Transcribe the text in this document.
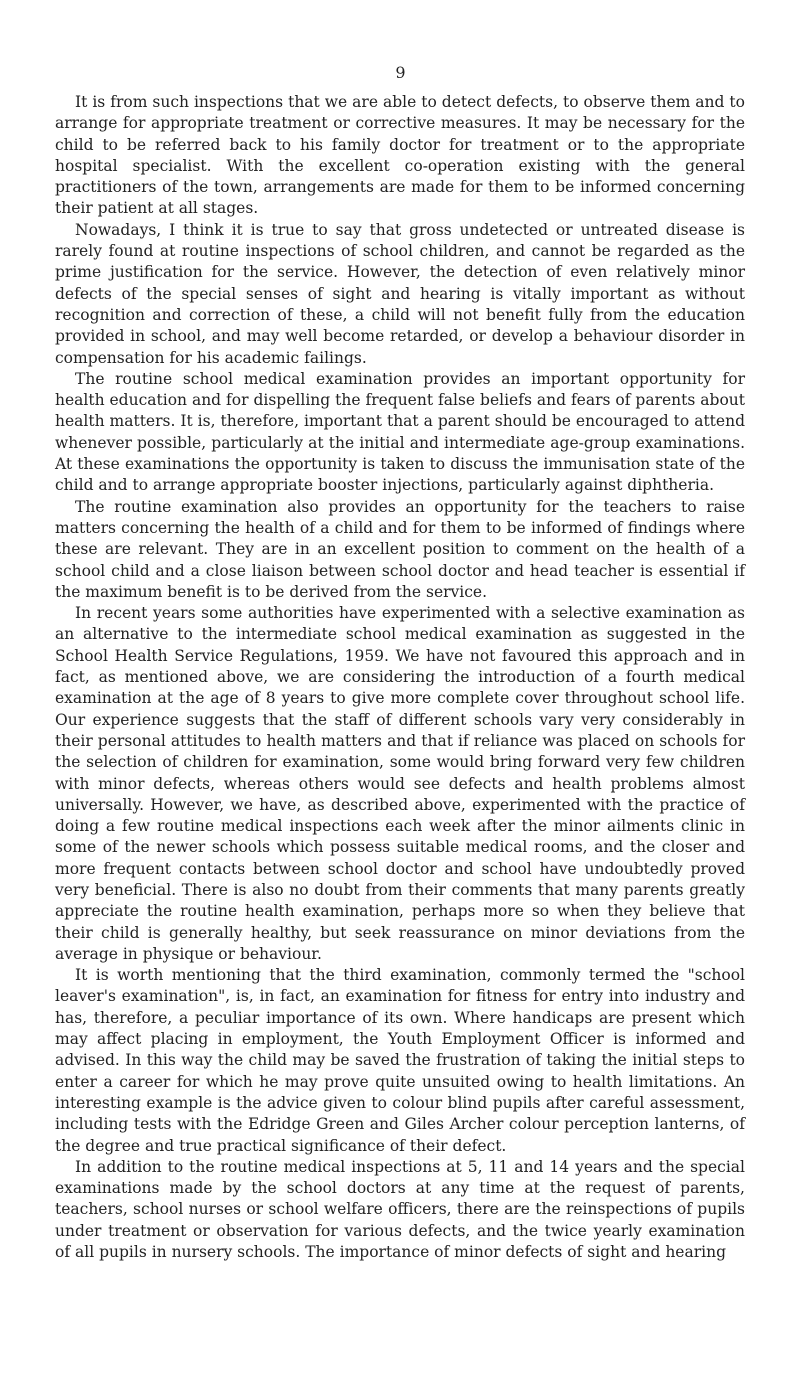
9

It is from such inspections that we are able to detect defects, to observe them and to arrange for appropriate treatment or corrective measures. It may be necessary for the child to be referred back to his family doctor for treatment or to the appropriate hospital specialist. With the excellent co-operation existing with the general practitioners of the town, arrangements are made for them to be informed concerning their patient at all stages.

Nowadays, I think it is true to say that gross undetected or untreated disease is rarely found at routine inspections of school children, and cannot be regarded as the prime justification for the service. However, the detection of even relatively minor defects of the special senses of sight and hearing is vitally important as without recognition and correction of these, a child will not benefit fully from the education provided in school, and may well become retarded, or develop a behaviour disorder in compensation for his academic failings.

The routine school medical examination provides an important opportunity for health education and for dispelling the frequent false beliefs and fears of parents about health matters. It is, therefore, important that a parent should be encouraged to attend whenever possible, particularly at the initial and intermediate age-group examinations. At these examinations the opportunity is taken to discuss the immunisation state of the child and to arrange appropriate booster injections, particularly against diphtheria.

The routine examination also provides an opportunity for the teachers to raise matters concerning the health of a child and for them to be informed of findings where these are relevant. They are in an excellent position to comment on the health of a school child and a close liaison between school doctor and head teacher is essential if the maximum benefit is to be derived from the service.

In recent years some authorities have experimented with a selective examination as an alternative to the intermediate school medical examination as suggested in the School Health Service Regulations, 1959. We have not favoured this approach and in fact, as mentioned above, we are considering the introduction of a fourth medical examination at the age of 8 years to give more complete cover throughout school life. Our experience suggests that the staff of different schools vary very considerably in their personal attitudes to health matters and that if reliance was placed on schools for the selection of children for examination, some would bring forward very few children with minor defects, whereas others would see defects and health problems almost universally. However, we have, as described above, experimented with the practice of doing a few routine medical inspections each week after the minor ailments clinic in some of the newer schools which possess suitable medical rooms, and the closer and more frequent contacts between school doctor and school have undoubtedly proved very beneficial. There is also no doubt from their comments that many parents greatly appreciate the routine health examination, perhaps more so when they believe that their child is generally healthy, but seek reassurance on minor deviations from the average in physique or behaviour.

It is worth mentioning that the third examination, commonly termed the "school leaver's examination", is, in fact, an examination for fitness for entry into industry and has, therefore, a peculiar importance of its own. Where handicaps are present which may affect placing in employment, the Youth Employment Officer is informed and advised. In this way the child may be saved the frustration of taking the initial steps to enter a career for which he may prove quite unsuited owing to health limitations. An interesting example is the advice given to colour blind pupils after careful assessment, including tests with the Edridge Green and Giles Archer colour perception lanterns, of the degree and true practical significance of their defect.

In addition to the routine medical inspections at 5, 11 and 14 years and the special examinations made by the school doctors at any time at the request of parents, teachers, school nurses or school welfare officers, there are the reinspections of pupils under treatment or observation for various defects, and the twice yearly examination of all pupils in nursery schools. The importance of minor defects of sight and hearing
